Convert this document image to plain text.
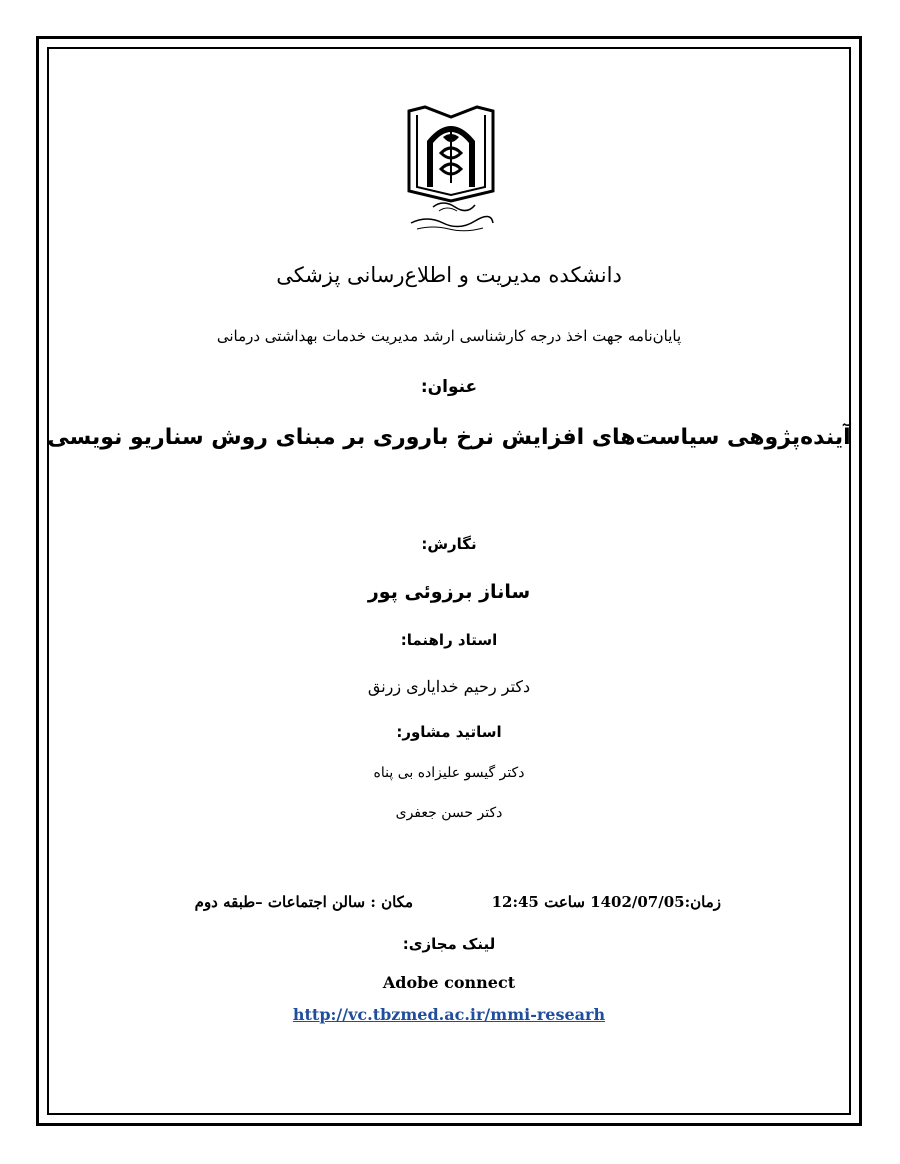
دانشکده مدیریت و اطلاع‌رسانی پزشکی
پایان‌نامه جهت اخذ درجه کارشناسی ارشد مدیریت خدمات بهداشتی درمانی
عنوان:
آینده‌پژوهی سیاست‌های افزایش نرخ باروری بر مبنای روش سناریو نویسی
نگارش:
ساناز برزوئی پور
استاد راهنما:
دکتر رحیم خدایاری زرنق
اساتید مشاور:
دکتر گیسو علیزاده بی پناه
دکتر حسن جعفری
زمان:1402/07/05 ساعت 12:45
مکان : سالن اجتماعات –طبقه دوم
لینک مجازی:
Adobe connect
http://vc.tbzmed.ac.ir/mmi-researh
